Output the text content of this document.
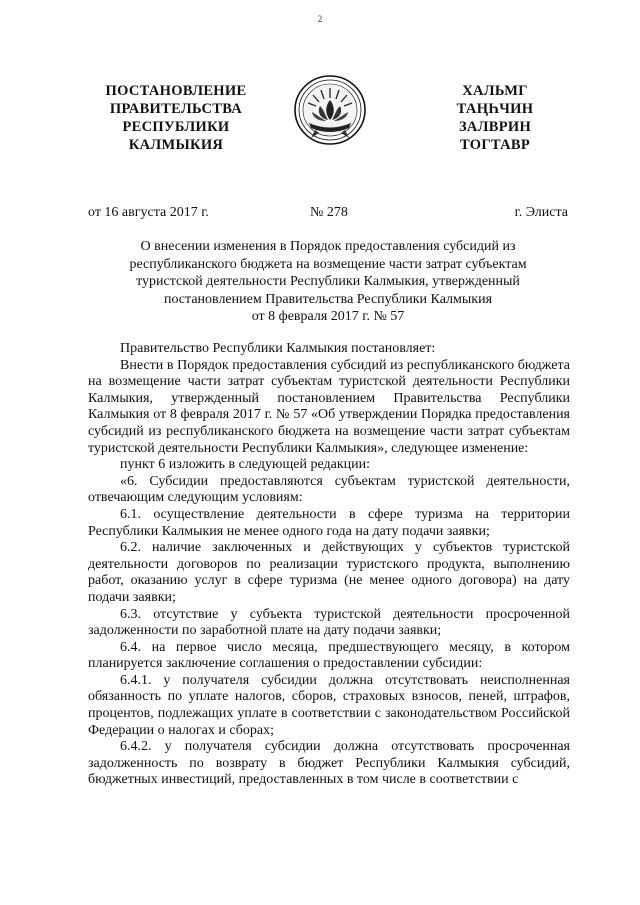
2
ПОСТАНОВЛЕНИЕ
ПРАВИТЕЛЬСТВА
РЕСПУБЛИКИ
КАЛМЫКИЯ
ХАЛЬМГ
ТАҢҺЧИН
ЗАЛВРИН
ТОГТАВР
от 16 августа 2017 г.	№ 278	г. Элиста
О внесении изменения в Порядок предоставления субсидий из
республиканского бюджета на возмещение части затрат субъектам
туристской деятельности Республики Калмыкия, утвержденный
постановлением Правительства Республики Калмыкия
от 8 февраля 2017 г. № 57

Правительство Республики Калмыкия постановляет:

Внести в Порядок предоставления субсидий из республиканского бюджета на возмещение части затрат субъектам туристской деятельности Республики Калмыкия, утвержденный постановлением Правительства Республики Калмыкия от 8 февраля 2017 г. № 57 «Об утверждении Порядка предоставления субсидий из республиканского бюджета на возмещение части затрат субъектам туристской деятельности Республики Калмыкия», следующее изменение:

пункт 6 изложить в следующей редакции:

«6. Субсидии предоставляются субъектам туристской деятельности, отвечающим следующим условиям:

6.1. осуществление деятельности в сфере туризма на территории Республики Калмыкия не менее одного года на дату подачи заявки;

6.2. наличие заключенных и действующих у субъектов туристской деятельности договоров по реализации туристского продукта, выполнению работ, оказанию услуг в сфере туризма (не менее одного договора) на дату подачи заявки;

6.3. отсутствие у субъекта туристской деятельности просроченной задолженности по заработной плате на дату подачи заявки;

6.4. на первое число месяца, предшествующего месяцу, в котором планируется заключение соглашения о предоставлении субсидии:

6.4.1. у получателя субсидии должна отсутствовать неисполненная обязанность по уплате налогов, сборов, страховых взносов, пеней, штрафов, процентов, подлежащих уплате в соответствии с законодательством Российской Федерации о налогах и сборах;

6.4.2. у получателя субсидии должна отсутствовать просроченная задолженность по возврату в бюджет Республики Калмыкия субсидий, бюджетных инвестиций, предоставленных в том числе в соответствии с
